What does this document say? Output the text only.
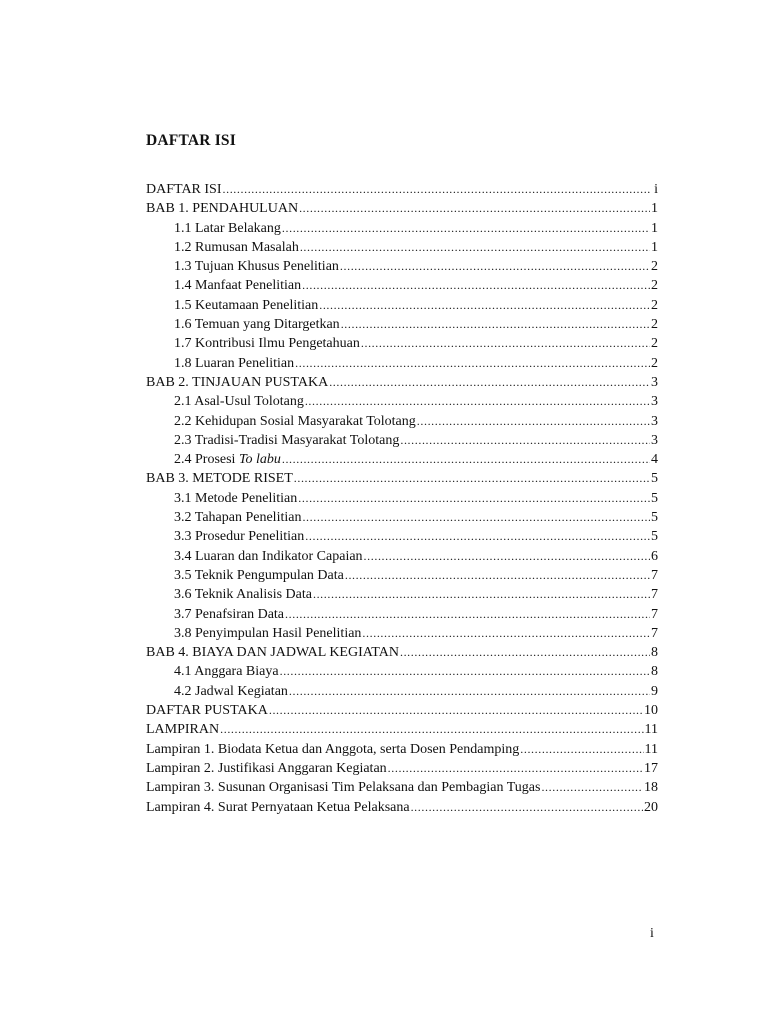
DAFTAR ISI
DAFTAR ISI .....	i
BAB 1. PENDAHULUAN .....	1
1.1 Latar Belakang .....	1
1.2 Rumusan Masalah .....	1
1.3 Tujuan Khusus Penelitian .....	2
1.4 Manfaat Penelitian .....	2
1.5 Keutamaan Penelitian .....	2
1.6 Temuan yang Ditargetkan .....	2
1.7 Kontribusi Ilmu Pengetahuan .....	2
1.8 Luaran Penelitian .....	2
BAB 2. TINJAUAN PUSTAKA .....	3
2.1 Asal-Usul Tolotang .....	3
2.2 Kehidupan Sosial Masyarakat Tolotang .....	3
2.3 Tradisi-Tradisi Masyarakat Tolotang .....	3
2.4 Prosesi To labu .....	4
BAB 3. METODE RISET .....	5
3.1 Metode Penelitian .....	5
3.2 Tahapan Penelitian .....	5
3.3 Prosedur Penelitian .....	5
3.4 Luaran dan Indikator Capaian .....	6
3.5 Teknik Pengumpulan Data .....	7
3.6 Teknik Analisis Data .....	7
3.7 Penafsiran Data .....	7
3.8 Penyimpulan Hasil Penelitian .....	7
BAB 4. BIAYA DAN JADWAL KEGIATAN .....	8
4.1 Anggara Biaya .....	8
4.2 Jadwal Kegiatan .....	9
DAFTAR PUSTAKA .....	10
LAMPIRAN .....	11
Lampiran 1. Biodata Ketua dan Anggota, serta Dosen Pendamping .....	11
Lampiran 2. Justifikasi Anggaran Kegiatan .....	17
Lampiran 3. Susunan Organisasi Tim Pelaksana dan Pembagian Tugas .....	18
Lampiran 4. Surat Pernyataan Ketua Pelaksana .....	20
i
